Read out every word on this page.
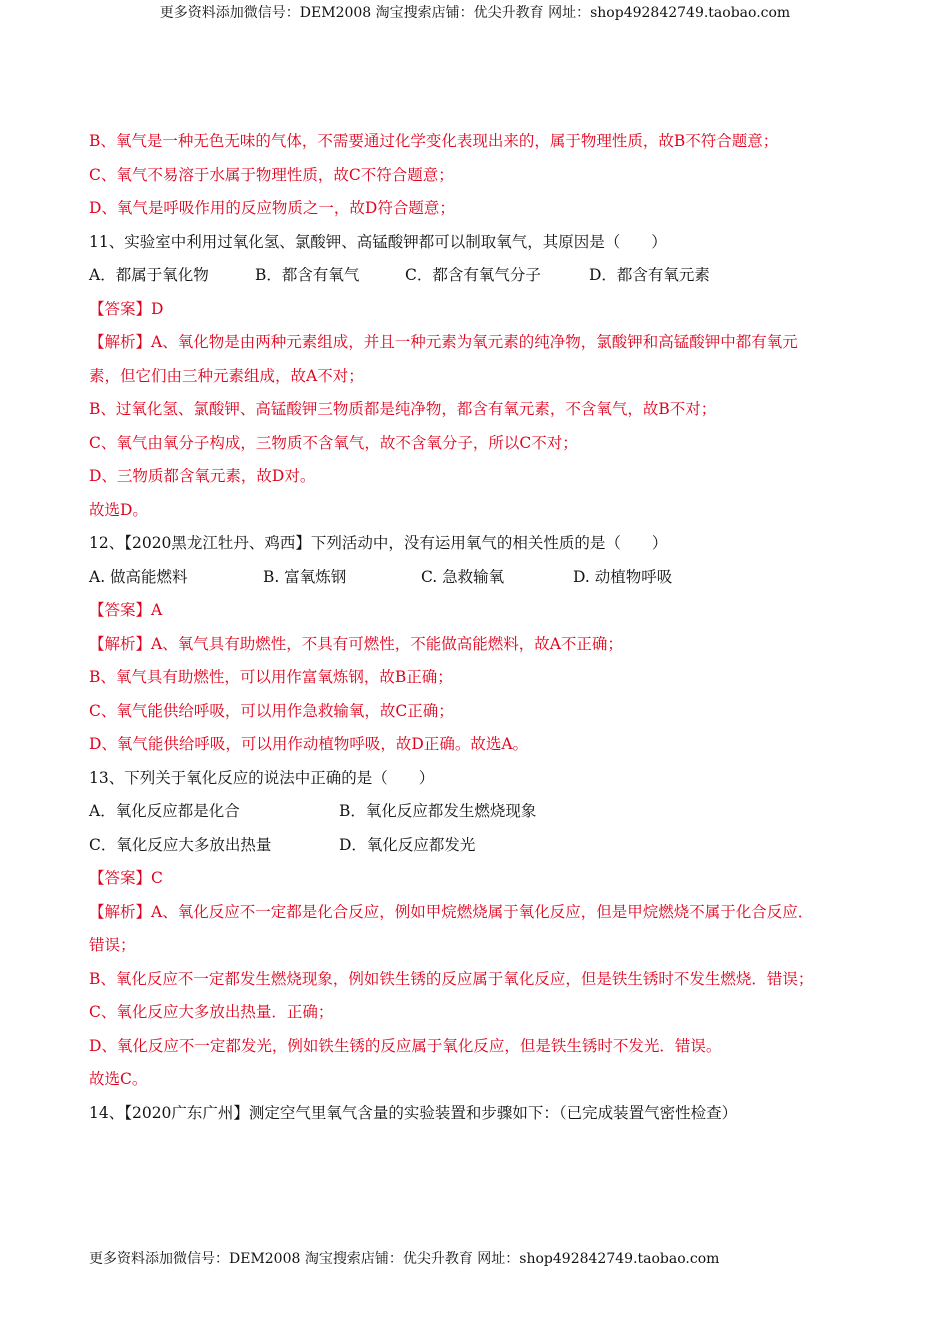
更多资料添加微信号：DEM2008 淘宝搜索店铺：优尖升教育 网址：shop492842749.taobao.com
B、氧气是一种无色无味的气体，不需要通过化学变化表现出来的，属于物理性质，故B不符合题意；
C、氧气不易溶于水属于物理性质，故C不符合题意；
D、氧气是呼吸作用的反应物质之一，故D符合题意；
11、实验室中利用过氧化氢、氯酸钾、高锰酸钾都可以制取氧气，其原因是（　　）
A．都属于氧化物	B．都含有氧气	C．都含有氧气分子	D．都含有氧元素
【答案】D
【解析】A、氧化物是由两种元素组成，并且一种元素为氧元素的纯净物，氯酸钾和高锰酸钾中都有氧元
素，但它们由三种元素组成，故A不对；
B、过氧化氢、氯酸钾、高锰酸钾三物质都是纯净物，都含有氧元素，不含氧气，故B不对；
C、氧气由氧分子构成，三物质不含氧气，故不含氧分子，所以C不对；
D、三物质都含氧元素，故D对。
故选D。
12、【2020黑龙江牡丹、鸡西】下列活动中，没有运用氧气的相关性质的是（　　）
A. 做高能燃料	B. 富氧炼钢	C. 急救输氧	D. 动植物呼吸
【答案】A
【解析】A、氧气具有助燃性，不具有可燃性，不能做高能燃料，故A不正确；
B、氧气具有助燃性，可以用作富氧炼钢，故B正确；
C、氧气能供给呼吸，可以用作急救输氧，故C正确；
D、氧气能供给呼吸，可以用作动植物呼吸，故D正确。故选A。
13、下列关于氧化反应的说法中正确的是（　　）
A．氧化反应都是化合	B．氧化反应都发生燃烧现象
C．氧化反应大多放出热量	D．氧化反应都发光
【答案】C
【解析】A、氧化反应不一定都是化合反应，例如甲烷燃烧属于氧化反应，但是甲烷燃烧不属于化合反应．
错误；
B、氧化反应不一定都发生燃烧现象，例如铁生锈的反应属于氧化反应，但是铁生锈时不发生燃烧．错误；
C、氧化反应大多放出热量．正确；
D、氧化反应不一定都发光，例如铁生锈的反应属于氧化反应，但是铁生锈时不发光．错误。
故选C。
14、【2020广东广州】测定空气里氧气含量的实验装置和步骤如下：（已完成装置气密性检查）
更多资料添加微信号：DEM2008 淘宝搜索店铺：优尖升教育 网址：shop492842749.taobao.com
